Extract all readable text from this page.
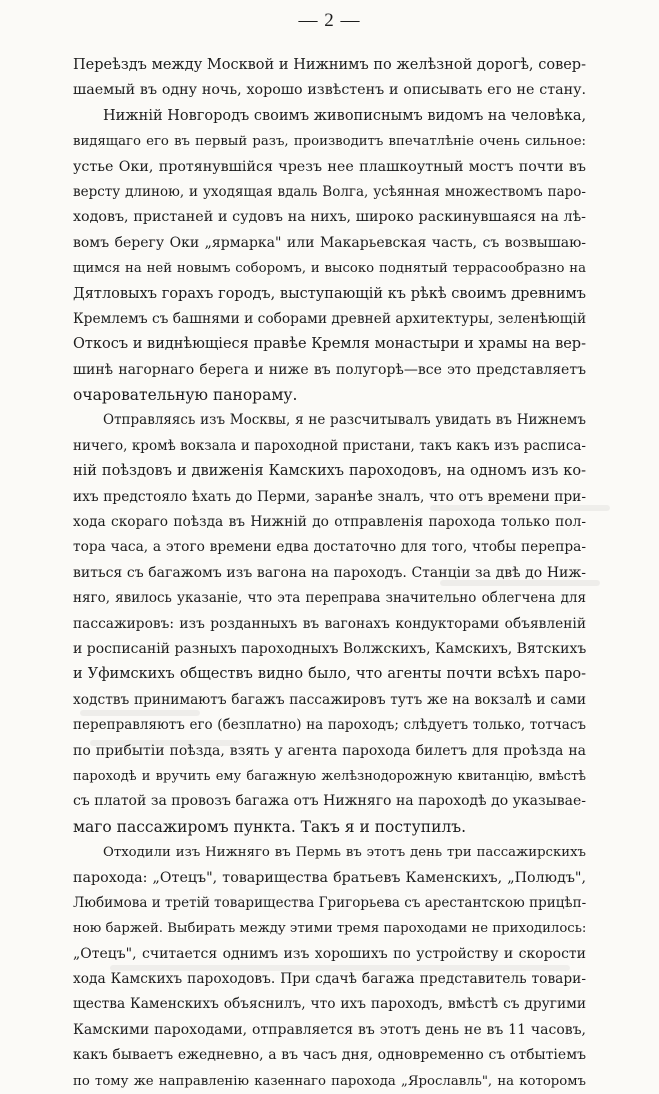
— 2 —
Переѣздъ между Москвой и Нижнимъ по желѣзной дорогѣ, совер-
шаемый въ одну ночь, хорошо извѣстенъ и описывать его не стану.
Нижній Новгородъ своимъ живописнымъ видомъ на человѣка,
видящаго его въ первый разъ, производитъ впечатлѣніе очень сильное:
устье Оки, протянувшійся чрезъ нее плашкоутный мостъ почти въ
версту длиною, и уходящая вдаль Волга, усѣянная множествомъ паро-
ходовъ, пристаней и судовъ на нихъ, широко раскинувшаяся на лѣ-
вомъ берегу Оки „ярмарка" или Макарьевская часть, съ возвышаю-
щимся на ней новымъ соборомъ, и высоко поднятый террасообразно на
Дятловыхъ горахъ городъ, выступающій къ рѣкѣ своимъ древнимъ
Кремлемъ съ башнями и соборами древней архитектуры, зеленѣющій
Откосъ и виднѣющіеся правѣе Кремля монастыри и храмы на вер-
шинѣ нагорнаго берега и ниже въ полугорѣ—все это представляетъ
очаровательную панораму.
Отправляясь изъ Москвы, я не разсчитывалъ увидать въ Нижнемъ
ничего, кромѣ вокзала и пароходной пристани, такъ какъ изъ расписа-
ній поѣздовъ и движенія Камскихъ пароходовъ, на одномъ изъ ко-
ихъ предстояло ѣхать до Перми, заранѣе зналъ, что отъ времени при-
хода скораго поѣзда въ Нижній до отправленія парохода только пол-
тора часа, а этого времени едва достаточно для того, чтобы перепра-
виться съ багажомъ изъ вагона на пароходъ. Станціи за двѣ до Ниж-
няго, явилось указаніе, что эта переправа значительно облегчена для
пассажировъ: изъ розданныхъ въ вагонахъ кондукторами объявленій
и росписаній разныхъ пароходныхъ Волжскихъ, Камскихъ, Вятскихъ
и Уфимскихъ обществъ видно было, что агенты почти всѣхъ паро-
ходствъ принимаютъ багажъ пассажировъ тутъ же на вокзалѣ и сами
переправляютъ его (безплатно) на пароходъ; слѣдуетъ только, тотчасъ
по прибытіи поѣзда, взять у агента парохода билетъ для проѣзда на
пароходѣ и вручить ему багажную желѣзнодорожную квитанцію, вмѣстѣ
съ платой за провозъ багажа отъ Нижняго на пароходѣ до указывае-
маго пассажиромъ пункта. Такъ я и поступилъ.
Отходили изъ Нижняго въ Пермь въ этотъ день три пассажирскихъ
парохода: „Отецъ", товарищества братьевъ Каменскихъ, „Полюдъ",
Любимова и третій товарищества Григорьева съ арестантскою прицѣп-
ною баржей. Выбирать между этими тремя пароходами не приходилось:
„Отецъ", считается однимъ изъ хорошихъ по устройству и скорости
хода Камскихъ пароходовъ. При сдачѣ багажа представитель товари-
щества Каменскихъ объяснилъ, что ихъ пароходъ, вмѣстѣ съ другими
Камскими пароходами, отправляется въ этотъ день не въ 11 часовъ,
какъ бываетъ ежедневно, а въ часъ дня, одновременно съ отбытіемъ
по тому же направленію казеннаго парохода „Ярославль", на которомъ
